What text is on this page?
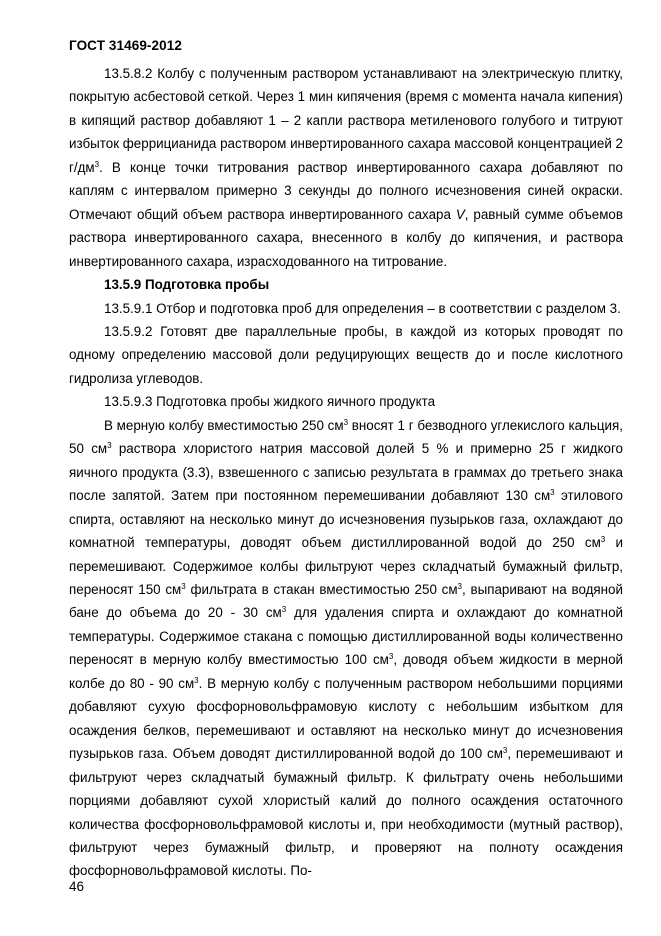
ГОСТ 31469-2012

13.5.8.2 Колбу с полученным раствором устанавливают на электрическую плитку, покрытую асбестовой сеткой. Через 1 мин кипячения (время с момента начала кипения) в кипящий раствор добавляют 1 – 2 капли раствора метиленового голубого и титруют избыток феррицианида раствором инвертированного сахара массовой концентрацией 2 $г/дм^3$. В конце точки титрования раствор инвертированного сахара добавляют по каплям с интервалом примерно 3 секунды до полного исчезновения синей окраски. Отмечают общий объем раствора инвертированного сахара V, равный сумме объемов раствора инвертированного сахара, внесенного в колбу до кипячения, и раствора инвертированного сахара, израсходованного на титрование.

13.5.9 Подготовка пробы

13.5.9.1 Отбор и подготовка проб для определения – в соответствии с разделом 3.

13.5.9.2 Готовят две параллельные пробы, в каждой из которых проводят по одному определению массовой доли редуцирующих веществ до и после кислотного гидролиза углеводов.

13.5.9.3 Подготовка пробы жидкого яичного продукта

В мерную колбу вместимостью 250 $см^3$ вносят 1 г безводного углекислого кальция, 50 $см^3$ раствора хлористого натрия массовой долей 5 % и примерно 25 г жидкого яичного продукта (3.3), взвешенного с записью результата в граммах до третьего знака после запятой. Затем при постоянном перемешивании добавляют 130 $см^3$ этилового спирта, оставляют на несколько минут до исчезновения пузырьков газа, охлаждают до комнатной температуры, доводят объем дистиллированной водой до 250 $см^3$ и перемешивают. Содержимое колбы фильтруют через складчатый бумажный фильтр, переносят 150 $см^3$ фильтрата в стакан вместимостью 250 $см^3$, выпаривают на водяной бане до объема до 20 - 30 $см^3$ для удаления спирта и охлаждают до комнатной температуры. Содержимое стакана с помощью дистиллированной воды количественно переносят в мерную колбу вместимостью 100 $см^3$, доводя объем жидкости в мерной колбе до 80 - 90 $см^3$. В мерную колбу с полученным раствором небольшими порциями добавляют сухую фосфорновольфрамовую кислоту с небольшим избытком для осаждения белков, перемешивают и оставляют на несколько минут до исчезновения пузырьков газа. Объем доводят дистиллированной водой до 100 $см^3$, перемешивают и фильтруют через складчатый бумажный фильтр. К фильтрату очень небольшими порциями добавляют сухой хлористый калий до полного осаждения остаточного количества фосфорновольфрамовой кислоты и, при необходимости (мутный раствор), фильтруют через бумажный фильтр, и проверяют на полноту осаждения фосфорновольфрамовой кислоты. По-

46
